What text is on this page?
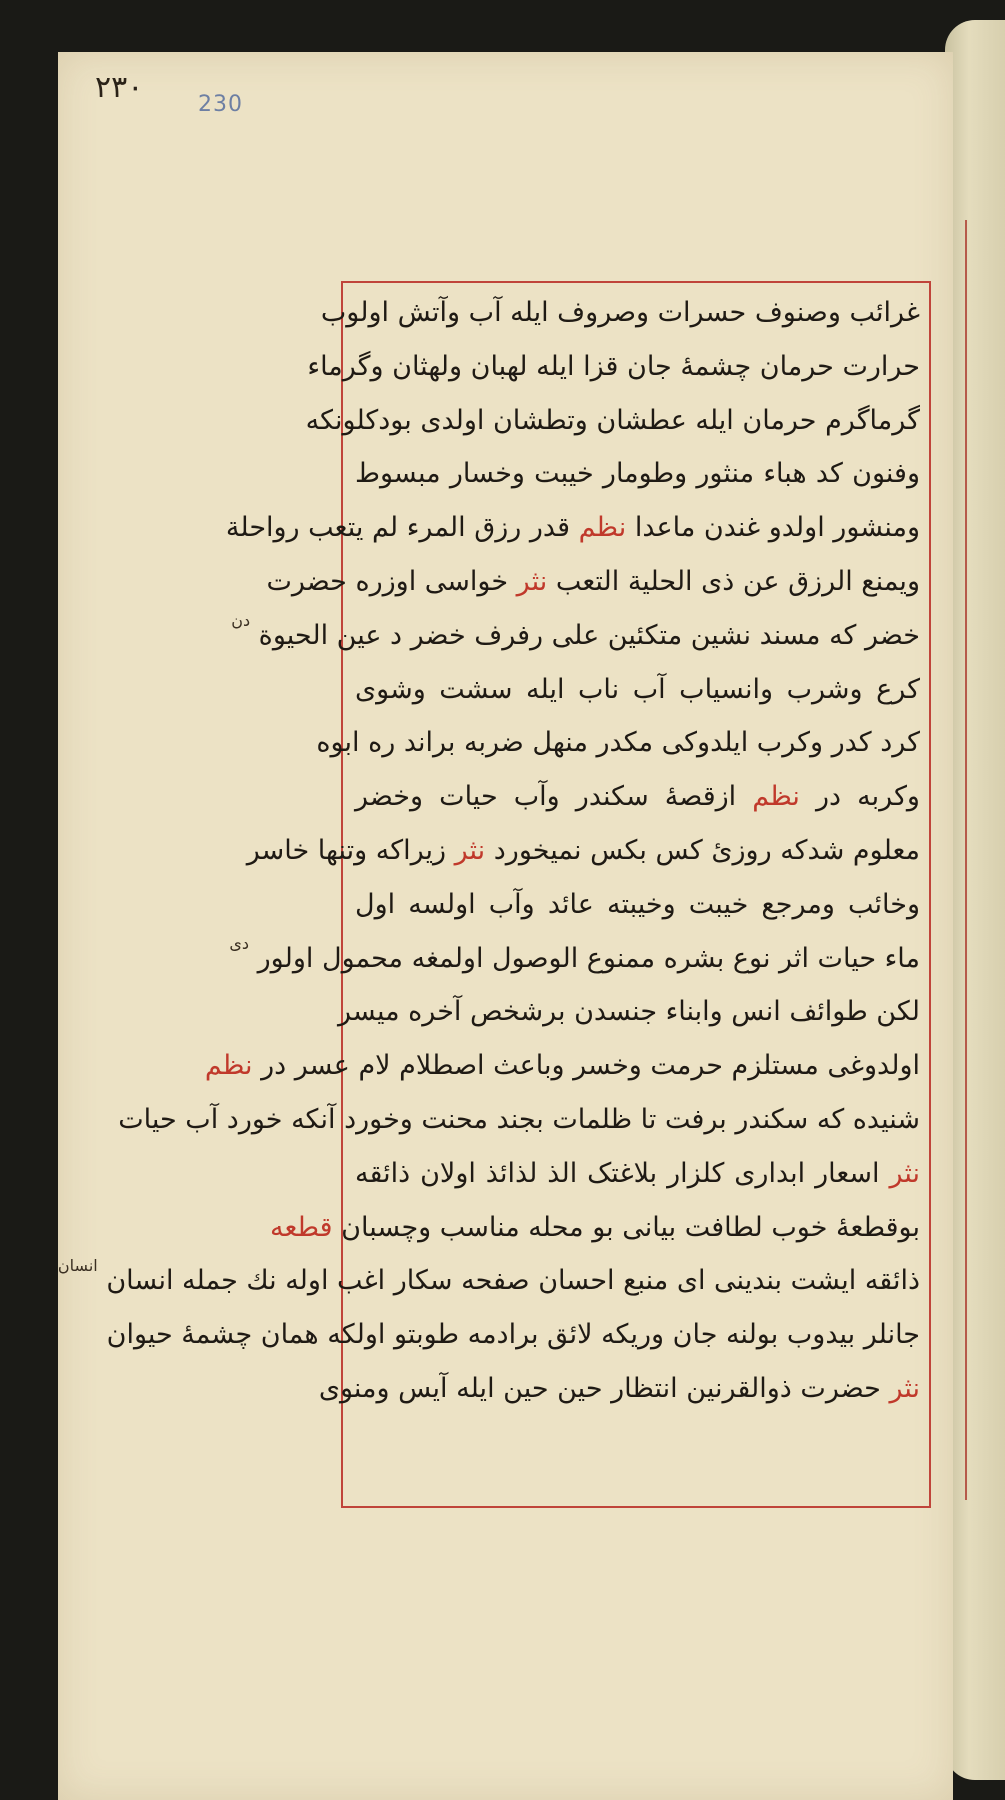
٢٣٠ 230
غرائب وصنوف حسرات وصروف ایله ‌آب وآتش اولوب
حرارت حرمان چشمهٔ جان قزا ایله لهبان ولهثان وگرماء
گرماگرم حرمان ایله عطشان وتطشان اولدی بودکلونکه
وفنون کد هباء منثور وطومار خیبت وخسار مبسوط
ومنشور اولدو غندن ماعدا نظم قدر رزق المرء لم یتعب رواحلة
ویمنع الرزق عن ذی الحلیة التعب نثر خواسی اوزره حضرت
خضر که مسند نشین متکئین علی رفرف خضر د عین الحیوة $^{دن}$
کرع وشرب وانسیاب آب ناب ایله سشت وشوی
کرد کدر وکرب ایلدوکی مکدر منهل ضربه براند ره ابوه
وکربه در نظم ازقصهٔ سکندر وآب حیات وخضر
معلوم شدکه روزئ کس بکس نمیخورد نثر زیراکه وتنها خاسر
وخائب ومرجع خیبت وخیبته عائد وآب اولسه اول
ماء حیات اثر نوع بشره ممنوع الوصول اولمغه محمول اولور $^{دی}$
لکن طوائف انس وابناء جنسدن برشخص آخره میسر
اولدوغی مستلزم حرمت وخسر وباعث اصطلام لام عسر در نظم
شنیده که سکندر برفت تا ظلمات بجند محنت وخورد آنکه خورد آب حیات
نثر اسعار ابداری کلزار بلاغتک الذ لذائذ اولان ذائقه
بوقطعهٔ خوب لطافت بیانی بو محله مناسب وچسبان قطعه
ذائقه ‌ایشت بندینی ای منبع احسان صفحه سکار اغب اوله نك جمله ‌انسان $^{انسان}$
جانلر بیدوب بولنه جان وریکه لائق برادمه طوبتو اولکه همان چشمهٔ حیوان
نثر حضرت ذوالقرنین انتظار حین حین ایله آیس ومنوی
